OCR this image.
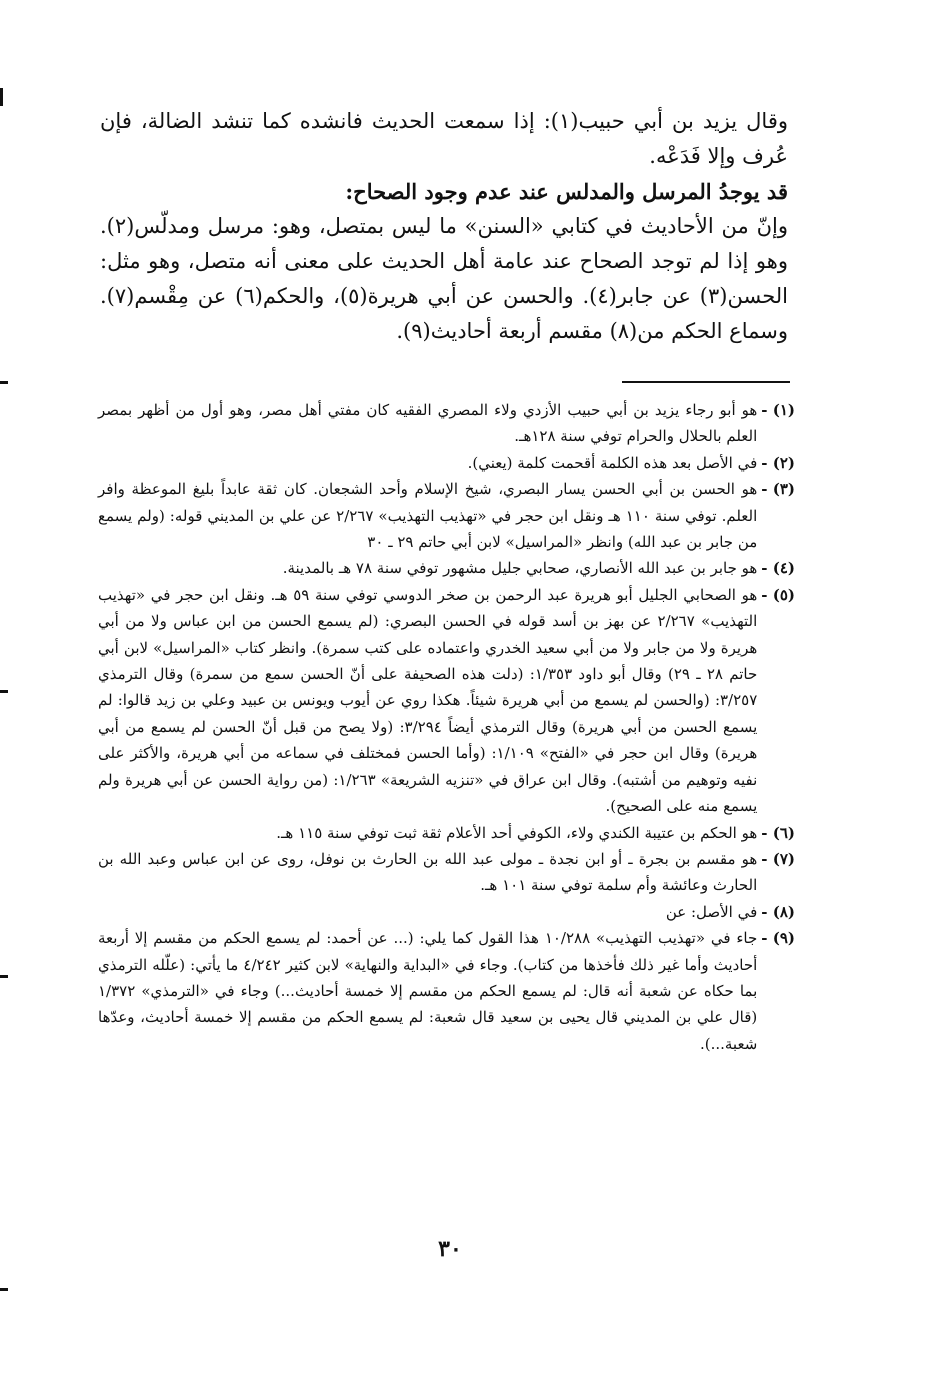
وقال يزيد بن أبي حبيب(١): إذا سمعت الحديث فانشده كما تنشد الضالة، فإن عُرف وإلا فَدَعْه.

قد يوجدُ المرسل والمدلس عند عدم وجود الصحاح:

وإنّ من الأحاديث في كتابي «السنن» ما ليس بمتصل، وهو: مرسل ومدلّس(٢). وهو إذا لم توجد الصحاح عند عامة أهل الحديث على معنى أنه متصل، وهو مثل: الحسن(٣) عن جابر(٤). والحسن عن أبي هريرة(٥)، والحكم(٦) عن مِقْسم(٧). وسماع الحكم من(٨) مقسم أربعة أحاديث(٩).

(١) -
هو أبو رجاء يزيد بن أبي حبيب الأزدي ولاء المصري الفقيه كان مفتي أهل مصر، وهو أول من أظهر بمصر العلم بالحلال والحرام توفي سنة ١٢٨هـ.
(٢) -
في الأصل بعد هذه الكلمة أقحمت كلمة (يعني).
(٣) -
هو الحسن بن أبي الحسن يسار البصري، شيخ الإسلام وأحد الشجعان. كان ثقة عابداً بليغ الموعظة وافر العلم. توفي سنة ١١٠ هـ ونقل ابن حجر في «تهذيب التهذيب» ٢/٢٦٧ عن علي بن المديني قوله: (ولم يسمع من جابر بن عبد الله) وانظر «المراسيل» لابن أبي حاتم ٢٩ ـ ٣٠
(٤) -
هو جابر بن عبد الله الأنصاري، صحابي جليل مشهور توفي سنة ٧٨ هـ بالمدينة.
(٥) -
هو الصحابي الجليل أبو هريرة عبد الرحمن بن صخر الدوسي توفي سنة ٥٩ هـ. ونقل ابن حجر في «تهذيب التهذيب» ٢/٢٦٧ عن بهز بن أسد قوله في الحسن البصري: (لم يسمع الحسن من ابن عباس ولا من أبي هريرة ولا من جابر ولا من أبي سعيد الخدري واعتماده على كتب سمرة). وانظر كتاب «المراسيل» لابن أبي حاتم ٢٨ ـ ٢٩) وقال أبو داود ١/٣٥٣: (دلت هذه الصحيفة على أنّ الحسن سمع من سمرة) وقال الترمذي ٣/٢٥٧: (والحسن لم يسمع من أبي هريرة شيئاً. هكذا روي عن أيوب ويونس بن عبيد وعلي بن زيد قالوا: لم يسمع الحسن من أبي هريرة) وقال الترمذي أيضاً ٣/٢٩٤: (ولا يصح من قبل أنّ الحسن لم يسمع من أبي هريرة) وقال ابن حجر في «الفتح» ١/١٠٩: (وأما الحسن فمختلف في سماعه من أبي هريرة، والأكثر على نفيه وتوهيم من أشتبه). وقال ابن عراق في «تنزيه الشريعة» ١/٢٦٣: (من رواية الحسن عن أبي هريرة ولم يسمع منه على الصحيح).
(٦) -
هو الحكم بن عتيبة الكندي ولاء، الكوفي أحد الأعلام ثقة ثبت توفي سنة ١١٥ هـ.
(٧) -
هو مقسم بن بجرة ـ أو ابن نجدة ـ مولى عبد الله بن الحارث بن نوفل، روى عن ابن عباس وعبد الله بن الحارث وعائشة وأم سلمة توفي سنة ١٠١ هـ.
(٨) -
في الأصل: عن
(٩) -
جاء في «تهذيب التهذيب» ١٠/٢٨٨ هذا القول كما يلي: (... عن أحمد: لم يسمع الحكم من مقسم إلا أربعة أحاديث وأما غير ذلك فأخذها من كتاب). وجاء في «البداية والنهاية» لابن كثير ٤/٢٤٢ ما يأتي: (علّله الترمذي بما حكاه عن شعبة أنه قال: لم يسمع الحكم من مقسم إلا خمسة أحاديث...) وجاء في «الترمذي» ١/٣٧٢ (قال علي بن المديني قال يحيى بن سعيد قال شعبة: لم يسمع الحكم من مقسم إلا خمسة أحاديث، وعدّها شعبة...).
٣٠
